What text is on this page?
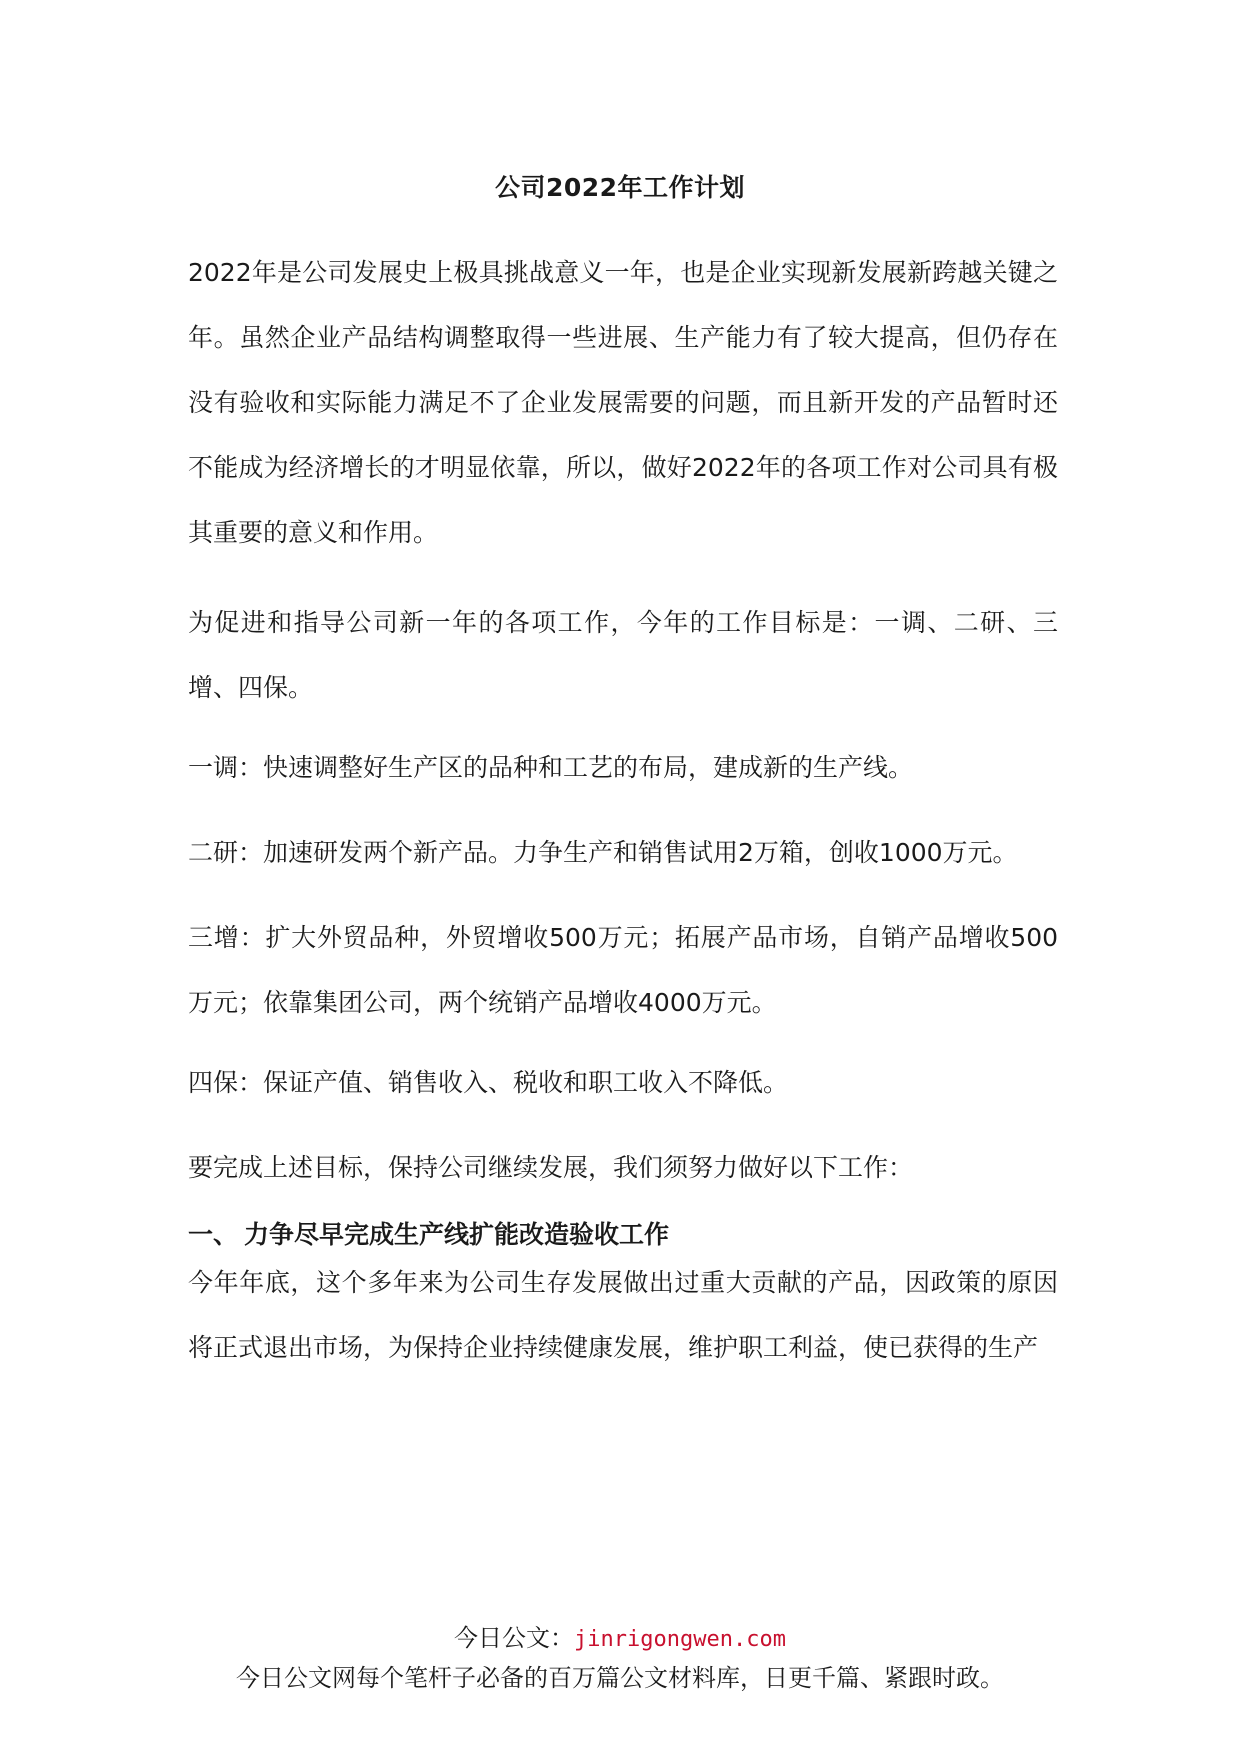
公司2022年工作计划

2022年是公司发展史上极具挑战意义一年，也是企业实现新发展新跨越关键之年。虽然企业产品结构调整取得一些进展、生产能力有了较大提高，但仍存在没有验收和实际能力满足不了企业发展需要的问题，而且新开发的产品暂时还不能成为经济增长的才明显依靠，所以，做好2022年的各项工作对公司具有极其重要的意义和作用。

为促进和指导公司新一年的各项工作，今年的工作目标是：一调、二研、三增、四保。

一调：快速调整好生产区的品种和工艺的布局，建成新的生产线。

二研：加速研发两个新产品。力争生产和销售试用2万箱，创收1000万元。

三增：扩大外贸品种，外贸增收500万元；拓展产品市场，自销产品增收500万元；依靠集团公司，两个统销产品增收4000万元。

四保：保证产值、销售收入、税收和职工收入不降低。

要完成上述目标，保持公司继续发展，我们须努力做好以下工作：

一、 力争尽早完成生产线扩能改造验收工作

今年年底，这个多年来为公司生存发展做出过重大贡献的产品，因政策的原因将正式退出市场，为保持企业持续健康发展，维护职工利益，使已获得的生产

今日公文：jinrigongwen.com
今日公文网每个笔杆子必备的百万篇公文材料库，日更千篇、紧跟时政。
